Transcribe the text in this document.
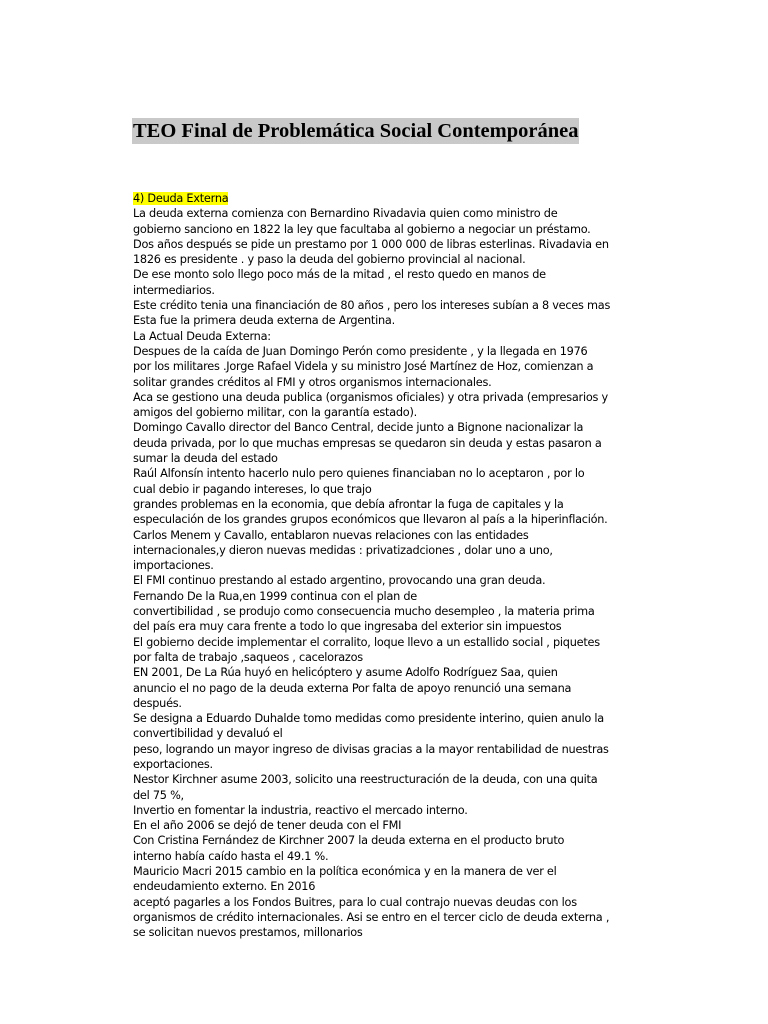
TEO Final de Problemática Social Contemporánea
4) Deuda Externa
La deuda externa comienza con Bernardino Rivadavia quien como ministro de
gobierno sanciono en 1822 la ley que facultaba al gobierno a negociar un préstamo.
Dos años después se pide un prestamo por 1 000 000 de libras esterlinas. Rivadavia en
1826 es presidente . y paso la deuda del gobierno provincial al nacional.
De ese monto solo llego poco más de la mitad , el resto quedo en manos de
intermediarios.
Este crédito tenia una financiación de 80 años , pero los intereses subían a 8 veces mas
Esta fue la primera deuda externa de Argentina.
La Actual Deuda Externa:
Despues de la caída de Juan Domingo Perón como presidente , y la llegada en 1976
por los militares .Jorge Rafael Videla y su ministro José Martínez de Hoz, comienzan a
solitar grandes créditos al FMI y otros organismos internacionales.
Aca se gestiono una deuda publica (organismos oficiales) y otra privada (empresarios y
amigos del gobierno militar, con la garantía estado).
Domingo Cavallo director del Banco Central, decide junto a Bignone nacionalizar la
deuda privada, por lo que muchas empresas se quedaron sin deuda y estas pasaron a
sumar la deuda del estado
Raúl Alfonsín intento hacerlo nulo pero quienes financiaban no lo aceptaron , por lo
cual debio ir pagando intereses, lo que trajo
grandes problemas en la economia, que debía afrontar la fuga de capitales y la
especulación de los grandes grupos económicos que llevaron al país a la hiperinflación.
Carlos Menem y Cavallo, entablaron nuevas relaciones con las entidades
internacionales,y dieron nuevas medidas : privatizadciones , dolar uno a uno,
importaciones.
El FMI continuo prestando al estado argentino, provocando una gran deuda.
Fernando De la Rua,en 1999 continua con el plan de
convertibilidad , se produjo como consecuencia mucho desempleo , la materia prima
del país era muy cara frente a todo lo que ingresaba del exterior sin impuestos
El gobierno decide implementar el corralito, loque llevo a un estallido social , piquetes
por falta de trabajo ,saqueos , cacelorazos
EN 2001, De La Rúa huyó en helicóptero y asume Adolfo Rodríguez Saa, quien
anuncio el no pago de la deuda externa Por falta de apoyo renunció una semana
después.
Se designa a Eduardo Duhalde tomo medidas como presidente interino, quien anulo la
convertibilidad y devaluó el
peso, logrando un mayor ingreso de divisas gracias a la mayor rentabilidad de nuestras
exportaciones.
Nestor Kirchner asume 2003, solicito una reestructuración de la deuda, con una quita
del 75 %,
Invertio en fomentar la industria, reactivo el mercado interno.
En el año 2006 se dejó de tener deuda con el FMI
Con Cristina Fernández de Kirchner 2007 la deuda externa en el producto bruto
interno había caído hasta el 49.1 %.
Mauricio Macri 2015 cambio en la política económica y en la manera de ver el
endeudamiento externo. En 2016
aceptó pagarles a los Fondos Buitres, para lo cual contrajo nuevas deudas con los
organismos de crédito internacionales. Asi se entro en el tercer ciclo de deuda externa ,
se solicitan nuevos prestamos, millonarios
